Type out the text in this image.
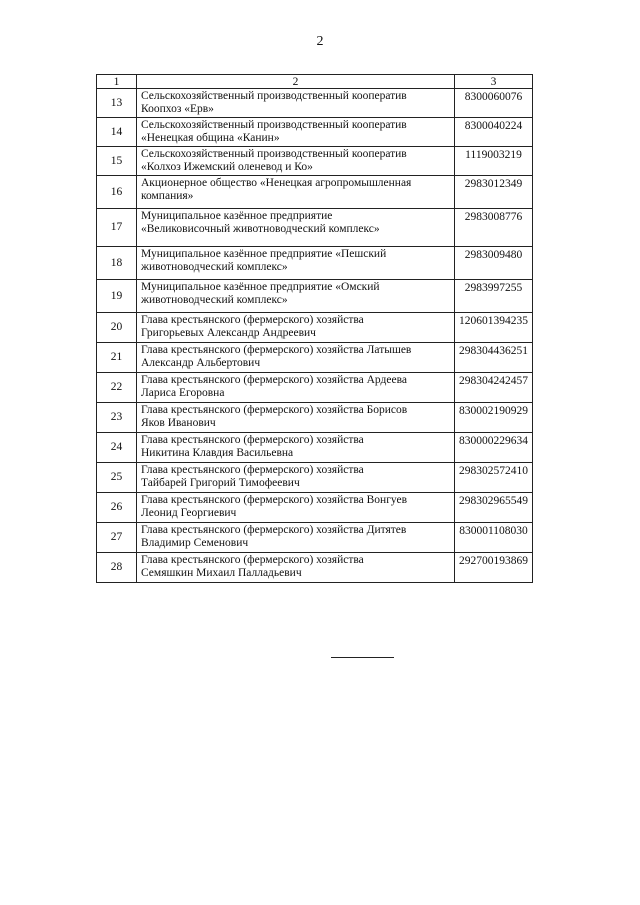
2
1	2	3
13	Сельскохозяйственный производственный кооператив
Коопхоз «Ерв»	8300060076
14	Сельскохозяйственный производственный кооператив
«Ненецкая община «Канин»	8300040224
15	Сельскохозяйственный производственный кооператив
«Колхоз Ижемский оленевод и Ко»	1119003219
16	Акционерное общество «Ненецкая агропромышленная
компания»	2983012349
17	Муниципальное казённое предприятие
«Великовисочный животноводческий комплекс»	2983008776
18	Муниципальное казённое предприятие «Пешский
животноводческий комплекс»	2983009480
19	Муниципальное казённое предприятие «Омский
животноводческий комплекс»	2983997255
20	Глава крестьянского (фермерского) хозяйства
Григорьевых Александр Андреевич	120601394235
21	Глава крестьянского (фермерского) хозяйства Латышев
Александр Альбертович	298304436251
22	Глава крестьянского (фермерского) хозяйства Ардеева
Лариса Егоровна	298304242457
23	Глава крестьянского (фермерского) хозяйства Борисов
Яков Иванович	830002190929
24	Глава крестьянского (фермерского) хозяйства
Никитина Клавдия Васильевна	830000229634
25	Глава крестьянского (фермерского) хозяйства
Тайбарей Григорий Тимофеевич	298302572410
26	Глава крестьянского (фермерского) хозяйства Вонгуев
Леонид Георгиевич	298302965549
27	Глава крестьянского (фермерского) хозяйства Дитятев
Владимир Семенович	830001108030
28	Глава крестьянского (фермерского) хозяйства
Семяшкин Михаил Палладьевич	292700193869
